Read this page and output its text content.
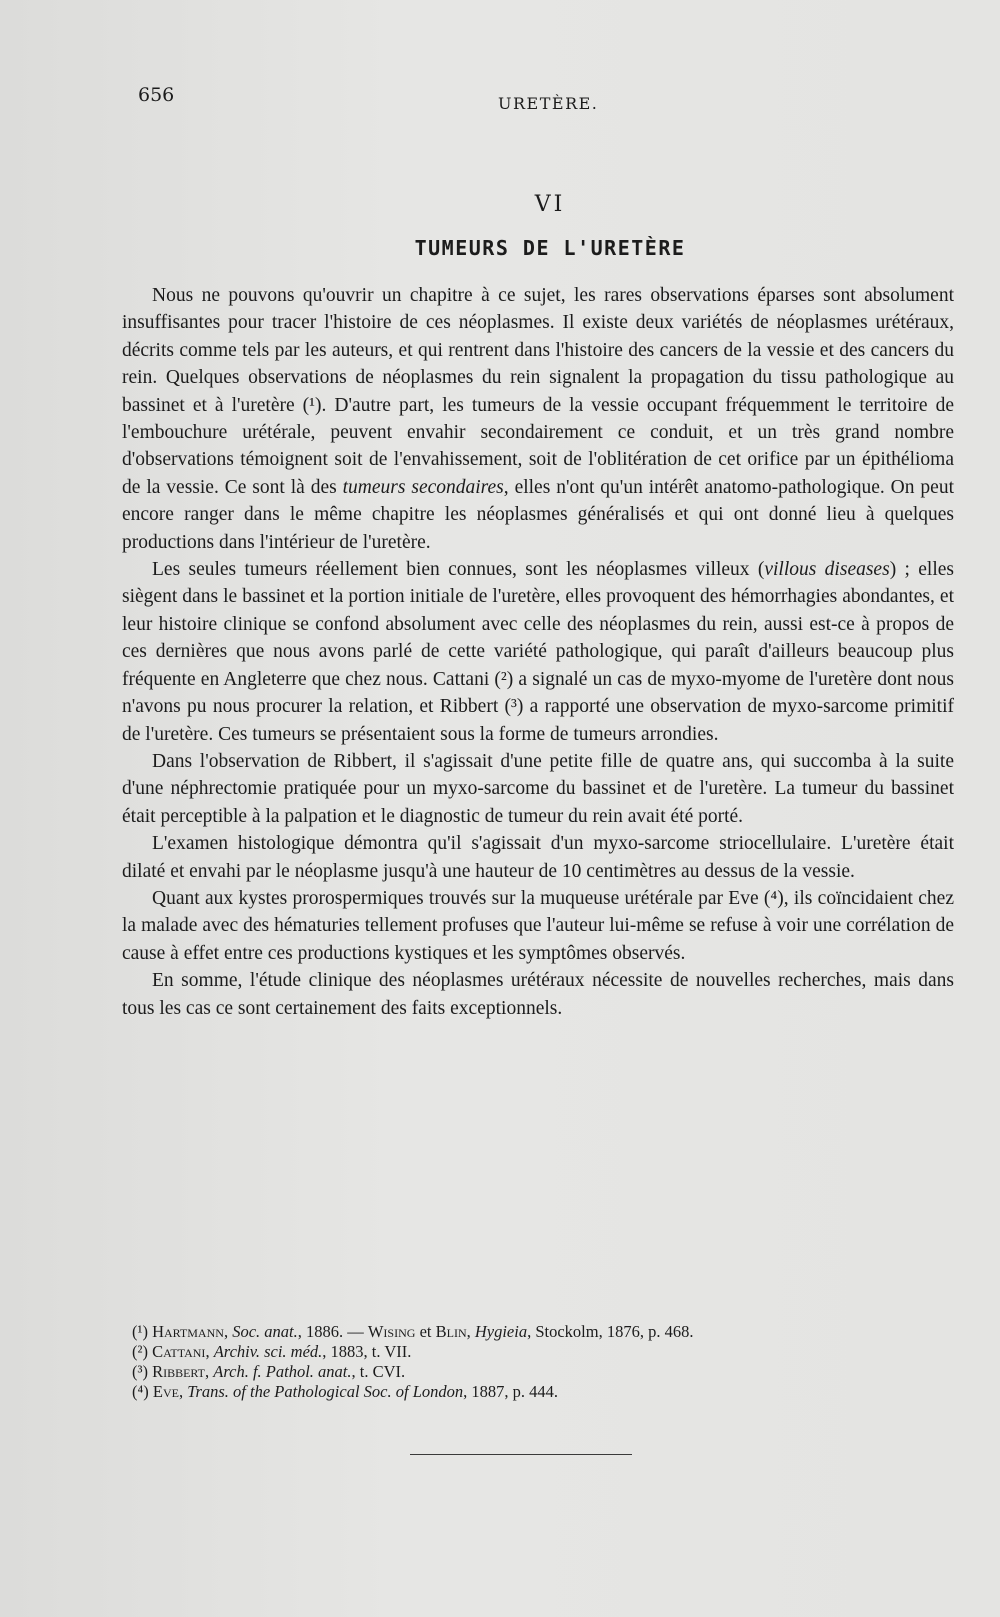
656	URETÈRE.
VI
TUMEURS DE L'URETÈRE

Nous ne pouvons qu'ouvrir un chapitre à ce sujet, les rares observations éparses sont absolument insuffisantes pour tracer l'histoire de ces néoplasmes. Il existe deux variétés de néoplasmes urétéraux, décrits comme tels par les auteurs, et qui rentrent dans l'histoire des cancers de la vessie et des cancers du rein. Quelques observations de néoplasmes du rein signalent la propagation du tissu pathologique au bassinet et à l'uretère (¹). D'autre part, les tumeurs de la vessie occupant fréquemment le territoire de l'embouchure urétérale, peuvent envahir secondairement ce conduit, et un très grand nombre d'observations témoignent soit de l'envahissement, soit de l'oblitération de cet orifice par un épithélioma de la vessie. Ce sont là des tumeurs secondaires, elles n'ont qu'un intérêt anatomo-pathologique. On peut encore ranger dans le même chapitre les néoplasmes généralisés et qui ont donné lieu à quelques productions dans l'intérieur de l'uretère.

Les seules tumeurs réellement bien connues, sont les néoplasmes villeux (villous diseases) ; elles siègent dans le bassinet et la portion initiale de l'uretère, elles provoquent des hémorrhagies abondantes, et leur histoire clinique se confond absolument avec celle des néoplasmes du rein, aussi est-ce à propos de ces dernières que nous avons parlé de cette variété pathologique, qui paraît d'ailleurs beaucoup plus fréquente en Angleterre que chez nous. Cattani (²) a signalé un cas de myxo-myome de l'uretère dont nous n'avons pu nous procurer la relation, et Ribbert (³) a rapporté une observation de myxo-sarcome primitif de l'uretère. Ces tumeurs se présentaient sous la forme de tumeurs arrondies.

Dans l'observation de Ribbert, il s'agissait d'une petite fille de quatre ans, qui succomba à la suite d'une néphrectomie pratiquée pour un myxo-sarcome du bassinet et de l'uretère. La tumeur du bassinet était perceptible à la palpation et le diagnostic de tumeur du rein avait été porté.

L'examen histologique démontra qu'il s'agissait d'un myxo-sarcome striocellulaire. L'uretère était dilaté et envahi par le néoplasme jusqu'à une hauteur de 10 centimètres au dessus de la vessie.

Quant aux kystes prorospermiques trouvés sur la muqueuse urétérale par Eve (⁴), ils coïncidaient chez la malade avec des hématuries tellement profuses que l'auteur lui-même se refuse à voir une corrélation de cause à effet entre ces productions kystiques et les symptômes observés.

En somme, l'étude clinique des néoplasmes urétéraux nécessite de nouvelles recherches, mais dans tous les cas ce sont certainement des faits exceptionnels.

(¹) Hartmann, Soc. anat., 1886. — Wising et Blin, Hygieia, Stockolm, 1876, p. 468.
(²) Cattani, Archiv. sci. méd., 1883, t. VII.
(³) Ribbert, Arch. f. Pathol. anat., t. CVI.
(⁴) Eve, Trans. of the Pathological Soc. of London, 1887, p. 444.
